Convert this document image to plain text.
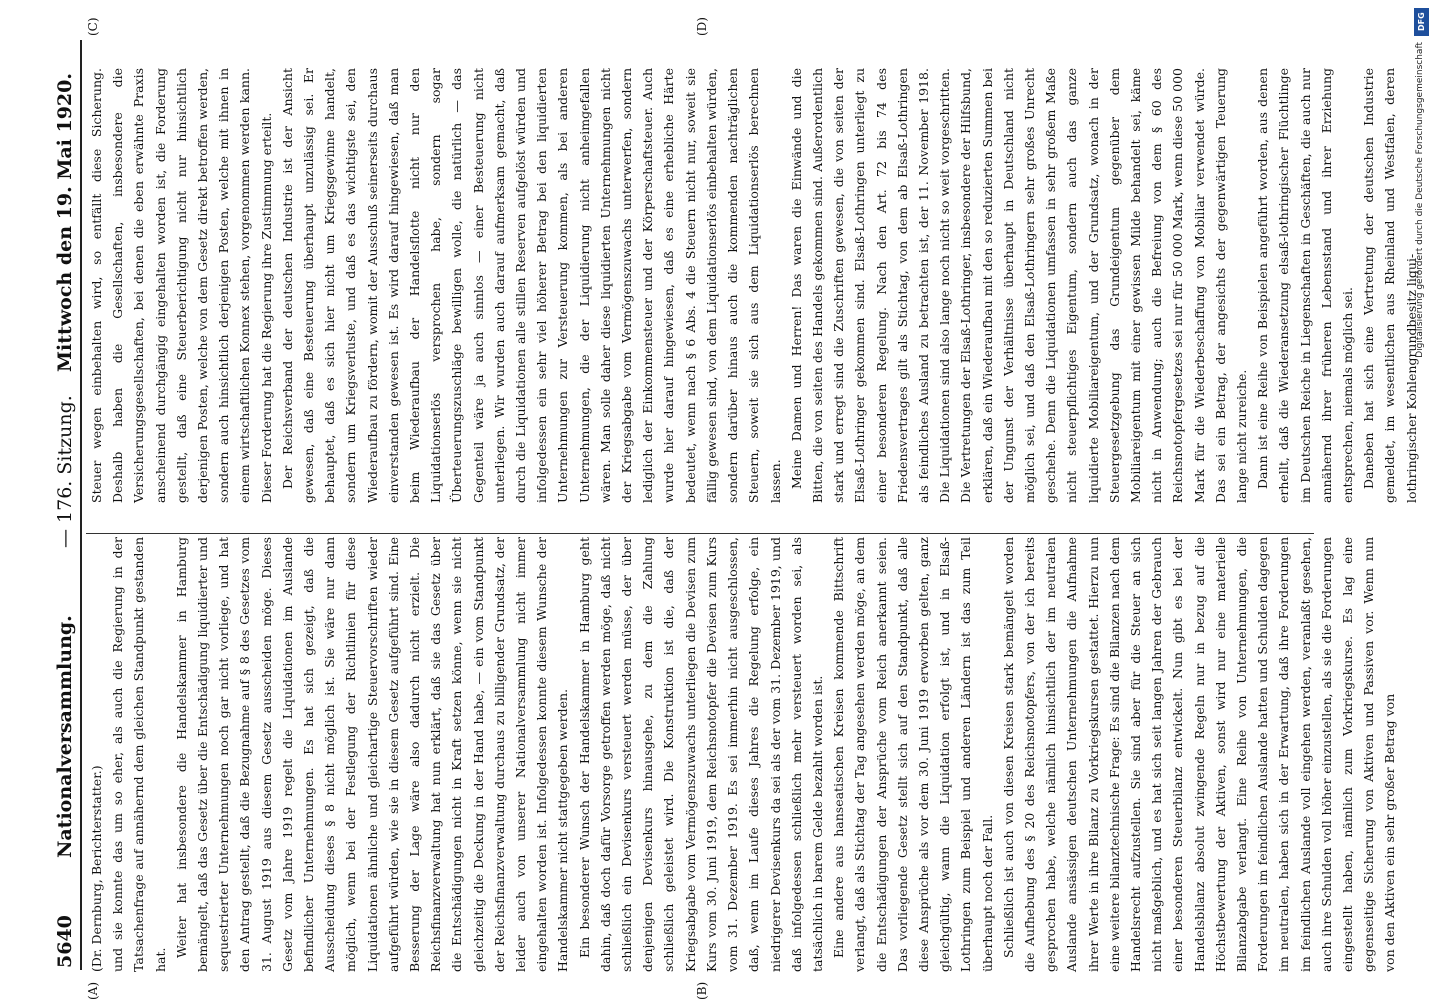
5640
Nationalversammlung.
— 176. Sitzung.
Mittwoch den 19. Mai 1920.
(A)	(B)
(C)	(D)

(Dr. Dernburg, Berichterstatter.) und sie konnte das um so eher, als auch die Regierung in der Tatsachenfrage auf annähernd dem gleichen Standpunkt gestanden hat.

Weiter hat insbesondere die Handelskammer in Hamburg bemängelt, daß das Gesetz über die Entschädigung liquidierter und sequestrierter Unternehmungen noch gar nicht vorliege, und hat den Antrag gestellt, daß die Bezugnahme auf § 8 des Gesetzes vom 31. August 1919 aus diesem Gesetz ausscheiden möge. Dieses Gesetz vom Jahre 1919 regelt die Liquidationen im Auslande befindlicher Unternehmungen. Es hat sich gezeigt, daß die Ausscheidung dieses § 8 nicht möglich ist. Sie wäre nur dann möglich, wenn bei der Festlegung der Richtlinien für diese Liquidationen ähnliche und gleichartige Steuervorschriften wieder aufgeführt würden, wie sie in diesem Gesetz aufgeführt sind. Eine Besserung der Lage wäre also dadurch nicht erzielt. Die Reichsfinanzverwaltung hat nun erklärt, daß sie das Gesetz über die Entschädigungen nicht in Kraft setzen könne, wenn sie nicht gleichzeitig die Deckung in der Hand habe, — ein vom Standpunkt der Reichsfinanzverwaltung durchaus zu billigender Grundsatz, der leider auch von unserer Nationalversammlung nicht immer eingehalten worden ist. Infolgedessen konnte diesem Wunsche der Handelskammer nicht stattgegeben werden. Ein besonderer Wunsch der Handelskammer in Hamburg geht dahin, daß doch dafür Vorsorge getroffen werden möge, daß nicht schließlich ein Devisenkurs versteuert werden müsse, der über denjenigen Devisenkurs hinausgehe, zu dem die Zahlung schließlich geleistet wird. Die Konstruktion ist die, daß der Kriegsabgabe vom Vermögenszuwachs unterliegen die Devisen zum Kurs vom 30. Juni 1919, dem Reichsnotopfer die Devisen zum Kurs vom 31. Dezember 1919. Es sei immerhin nicht ausgeschlossen, daß, wenn im Laufe dieses Jahres die Regelung erfolge, ein niedrigerer Devisenkurs da sei als der vom 31. Dezember 1919, und daß infolgedessen schließlich mehr versteuert worden sei, als tatsächlich in barem Gelde bezahlt worden ist. Eine andere aus hanseatischen Kreisen kommende Bittschrift verlangt, daß als Stichtag der Tag angesehen werden möge, an dem die Entschädigungen der Ansprüche vom Reich anerkannt seien. Das vorliegende Gesetz stellt sich auf den Standpunkt, daß alle diese Ansprüche als vor dem 30. Juni 1919 erworben gelten, ganz gleichgültig, wann die Liquidation erfolgt ist, und in Elsaß-Lothringen zum Beispiel und anderen Ländern ist das zum Teil überhaupt noch der Fall. Schließlich ist auch von diesen Kreisen stark bemängelt worden die Aufhebung des § 20 des Reichsnotopfers, von der ich bereits gesprochen habe, welche nämlich hinsichtlich der im neutralen Auslande ansässigen deutschen Unternehmungen die Aufnahme ihrer Werte in ihre Bilanz zu Vorkriegskursen gestattet. Hierzu nun eine weitere bilanztechnische Frage: Es sind die Bilanzen nach dem Handelsrecht aufzustellen. Sie sind aber für die Steuer an sich nicht maßgeblich, und es hat sich seit langen Jahren der Gebrauch einer besonderen Steuerbilanz entwickelt. Nun gibt es bei der Handelsbilanz absolut zwingende Regeln nur in bezug auf die Höchstbewertung der Aktiven, sonst wird nur eine materielle Bilanzabgabe verlangt. Eine Reihe von Unternehmungen, die Forderungen im feindlichen Auslande hatten und Schulden dagegen im neutralen, haben sich in der Erwartung, daß ihre Forderungen im feindlichen Auslande voll eingehen werden, veranlaßt gesehen, auch ihre Schulden voll höher einzustellen, als sie die Forderungen eingestellt haben, nämlich zum Vorkriegskurse. Es lag eine gegenseitige Sicherung von Aktiven und Passiven vor. Wenn nun von den Aktiven ein sehr großer Betrag von

Steuer wegen einbehalten wird, so entfällt diese Sicherung. Deshalb haben die Gesellschaften, insbesondere die Versicherungsgesellschaften, bei denen die eben erwähnte Praxis anscheinend durchgängig eingehalten worden ist, die Forderung gestellt, daß eine Steuerberichtigung nicht nur hinsichtlich derjenigen Posten, welche von dem Gesetz direkt betroffen werden, sondern auch hinsichtlich derjenigen Posten, welche mit ihnen in einem wirtschaftlichen Konnex stehen, vorgenommen werden kann. Dieser Forderung hat die Regierung ihre Zustimmung erteilt. Der Reichsverband der deutschen Industrie ist der Ansicht gewesen, daß eine Besteuerung überhaupt unzulässig sei. Er behauptet, daß es sich hier nicht um Kriegsgewinne handelt, sondern um Kriegsverluste, und daß es das wichtigste sei, den Wiederaufbau zu fördern, womit der Ausschuß seinerseits durchaus einverstanden gewesen ist. Es wird darauf hingewiesen, daß man beim Wiederaufbau der Handelsflotte nicht nur den Liquidationserlös versprochen habe, sondern sogar Überteuerungszuschläge bewilligen wolle, die natürlich — das Gegenteil wäre ja auch sinnlos — einer Besteuerung nicht unterliegen. Wir wurden auch darauf aufmerksam gemacht, daß durch die Liquidationen alle stillen Reserven aufgelöst würden und infolgedessen ein sehr viel höherer Betrag bei den liquidierten Unternehmungen zur Versteuerung kommen, als bei anderen Unternehmungen, die der Liquidierung nicht anheimgefallen wären. Man solle daher diese liquidierten Unternehmungen nicht der Kriegsabgabe vom Vermögenszuwachs unterwerfen, sondern lediglich der Einkommensteuer und der Körperschaftsteuer. Auch wurde hier darauf hingewiesen, daß es eine erhebliche Härte bedeutet, wenn nach § 6 Abs. 4 die Steuern nicht nur, soweit sie fällig gewesen sind, von dem Liquidationserlös einbehalten würden, sondern darüber hinaus auch die kommenden nachträglichen Steuern, soweit sie sich aus dem Liquidationserlös berechnen lassen. Meine Damen und Herren! Das waren die Einwände und die Bitten, die von seiten des Handels gekommen sind. Außerordentlich stark und erregt sind die Zuschriften gewesen, die von seiten der Elsaß-Lothringer gekommen sind. Elsaß-Lothringen unterliegt zu einer besonderen Regelung. Nach den Art. 72 bis 74 des Friedensvertrages gilt als Stichtag, von dem ab Elsaß-Lothringen als feindliches Ausland zu betrachten ist, der 11. November 1918. Die Liquidationen sind also lange noch nicht so weit vorgeschritten. Die Vertretungen der Elsaß-Lothringer, insbesondere der Hilfsbund, erklären, daß ein Wiederaufbau mit den so reduzierten Summen bei der Ungunst der Verhältnisse überhaupt in Deutschland nicht möglich sei, und daß den Elsaß-Lothringern sehr großes Unrecht geschehe. Denn die Liquidationen umfassen in sehr großem Maße nicht steuerpflichtiges Eigentum, sondern auch das ganze liquidierte Mobiliareigentum, und der Grundsatz, wonach in der Steuergesetzgebung das Grundeigentum gegenüber dem Mobiliareigentum mit einer gewissen Milde behandelt sei, käme nicht in Anwendung; auch die Befreiung von dem § 60 des Reichsnotopfergesetzes sei nur für 50 000 Mark, wenn diese 50 000 Mark für die Wiederbeschaffung von Mobiliar verwendet würde. Das sei ein Betrag, der angesichts der gegenwärtigen Teuerung lange nicht zureiche. Dann ist eine Reihe von Beispielen angeführt worden, aus denen erhellt, daß die Wiederansetzung elsaß-lothringischer Flüchtlinge im Deutschen Reiche in Liegenschaften in Geschäften, die auch nur annähernd ihrer früheren Lebensstand und ihrer Erziehung entsprechen, niemals möglich sei. Daneben hat sich eine Vertretung der deutschen Industrie gemeldet, im wesentlichen aus Rheinland und Westfalen, deren lothringischer Kohlengrundbesitz liqui-

DFG
Digitalisierung gefördert durch die Deutsche Forschungsgemeinschaft
